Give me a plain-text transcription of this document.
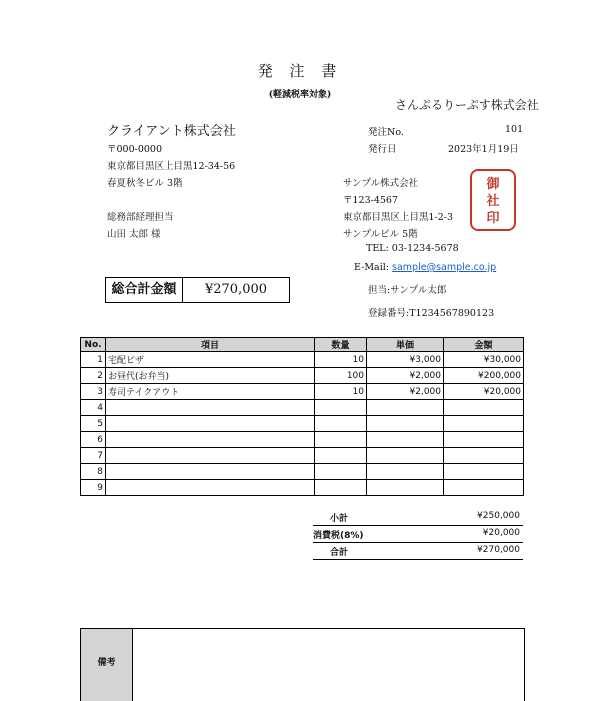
発 注 書
(軽減税率対象)
さんぷるりーぷす株式会社
クライアント株式会社
〒000-0000
東京都目黒区上目黒12-34-56
春夏秋冬ビル 3階
総務部経理担当
山田 太郎 様
発注No.	101
発行日	2023年1月19日
サンプル株式会社
〒123-4567
東京都目黒区上目黒1-2-3
サンプルビル 5階
TEL: 03-1234-5678
E-Mail: sample@sample.co.jp
担当:サンプル太郎
登録番号:T1234567890123
御社印
総合計金額	¥270,000
No.	項目	数量	単価	金額
1	宅配ピザ	10	¥3,000	¥30,000
2	お昼代(お弁当)	100	¥2,000	¥200,000
3	寿司テイクアウト	10	¥2,000	¥20,000
4				
5				
6				
7				
8				
9				
小計	¥250,000
消費税(8%)	¥20,000
合計	¥270,000
備考
